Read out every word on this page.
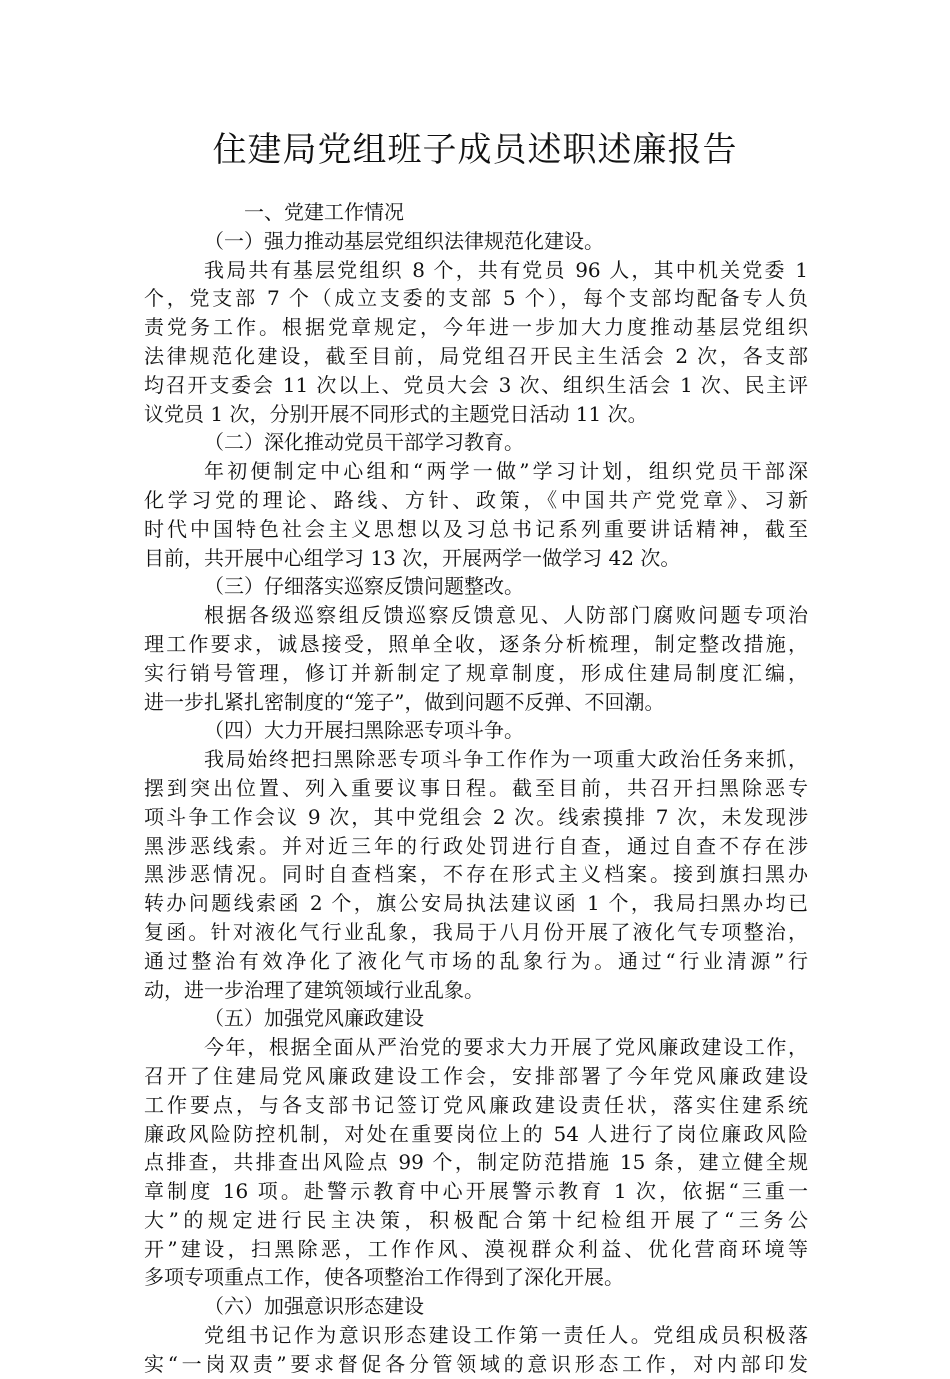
住建局党组班子成员述职述廉报告

一、党建工作情况

（一）强力推动基层党组织法律规范化建设。

我局共有基层党组织 8 个，共有党员 96 人，其中机关党委 1

个，党支部 7 个（成立支委的支部 5 个），每个支部均配备专人负

责党务工作。根据党章规定，今年进一步加大力度推动基层党组织

法律规范化建设，截至目前，局党组召开民主生活会 2 次，各支部

均召开支委会 11 次以上、党员大会 3 次、组织生活会 1 次、民主评

议党员 1 次，分别开展不同形式的主题党日活动 11 次。

（二）深化推动党员干部学习教育。

年初便制定中心组和“两学一做”学习计划，组织党员干部深

化学习党的理论、路线、方针、政策，《中国共产党党章》、习新

时代中国特色社会主义思想以及习总书记系列重要讲话精神，截至

目前，共开展中心组学习 13 次，开展两学一做学习 42 次。

（三）仔细落实巡察反馈问题整改。

根据各级巡察组反馈巡察反馈意见、人防部门腐败问题专项治

理工作要求，诚恳接受，照单全收，逐条分析梳理，制定整改措施，

实行销号管理，修订并新制定了规章制度，形成住建局制度汇编，

进一步扎紧扎密制度的“笼子”，做到问题不反弹、不回潮。

（四）大力开展扫黑除恶专项斗争。

我局始终把扫黑除恶专项斗争工作作为一项重大政治任务来抓，

摆到突出位置、列入重要议事日程。截至目前，共召开扫黑除恶专

项斗争工作会议 9 次，其中党组会 2 次。线索摸排 7 次，未发现涉

黑涉恶线索。并对近三年的行政处罚进行自查，通过自查不存在涉

黑涉恶情况。同时自查档案，不存在形式主义档案。接到旗扫黑办

转办问题线索函 2 个，旗公安局执法建议函 1 个，我局扫黑办均已

复函。针对液化气行业乱象，我局于八月份开展了液化气专项整治，

通过整治有效净化了液化气市场的乱象行为。通过“行业清源”行

动，进一步治理了建筑领域行业乱象。

（五）加强党风廉政建设

今年，根据全面从严治党的要求大力开展了党风廉政建设工作，

召开了住建局党风廉政建设工作会，安排部署了今年党风廉政建设

工作要点，与各支部书记签订党风廉政建设责任状，落实住建系统

廉政风险防控机制，对处在重要岗位上的 54 人进行了岗位廉政风险

点排查，共排查出风险点 99 个，制定防范措施 15 条，建立健全规

章制度 16 项。赴警示教育中心开展警示教育 1 次，依据“三重一

大”的规定进行民主决策，积极配合第十纪检组开展了“三务公

开”建设，扫黑除恶，工作作风、漠视群众利益、优化营商环境等

多项专项重点工作，使各项整治工作得到了深化开展。

（六）加强意识形态建设

党组书记作为意识形态建设工作第一责任人。党组成员积极落

实“一岗双责”要求督促各分管领域的意识形态工作，对内部印发
